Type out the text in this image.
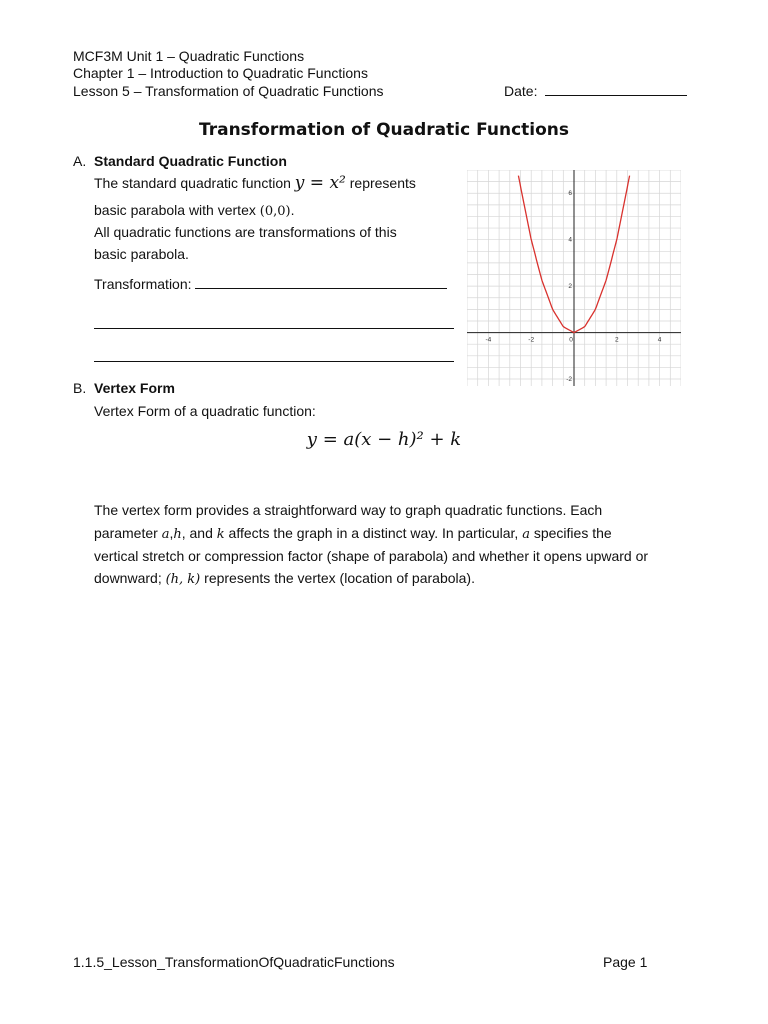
MCF3M Unit 1 – Quadratic Functions
Chapter 1 – Introduction to Quadratic Functions
Lesson 5 – Transformation of Quadratic Functions	Date:
Transformation of Quadratic Functions
A. Standard Quadratic Function
The standard quadratic function y = x² represents
basic parabola with vertex (0,0).
All quadratic functions are transformations of this
basic parabola.
Transformation:
-4	-2	0	2	4
6
4
2
-2
B. Vertex Form
Vertex Form of a quadratic function:
y = a(x − h)² + k
The vertex form provides a straightforward way to graph quadratic functions. Each
parameter a,h, and k affects the graph in a distinct way. In particular, a specifies the
vertical stretch or compression factor (shape of parabola) and whether it opens upward or
downward; (h, k) represents the vertex (location of parabola).
1.1.5_Lesson_TransformationOfQuadraticFunctions	Page 1
